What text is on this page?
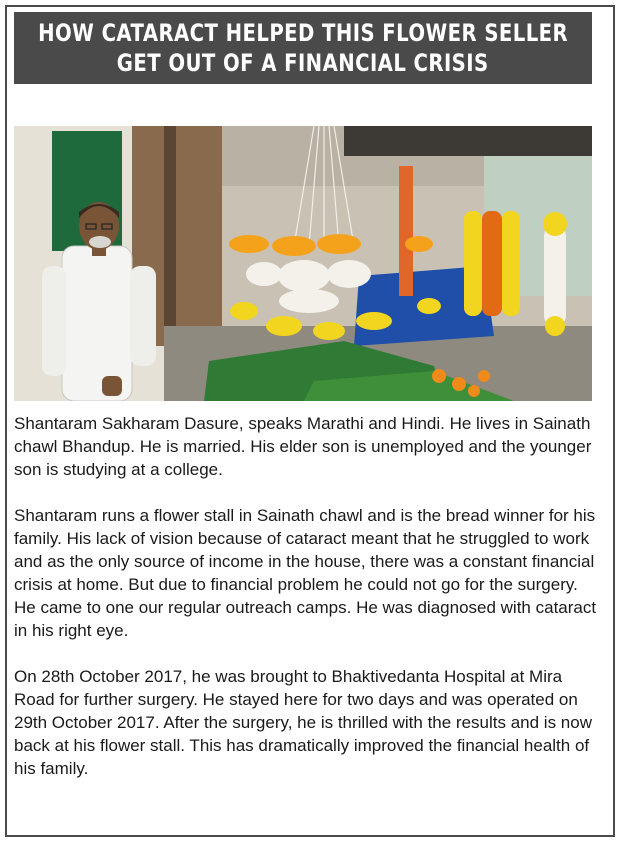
HOW CATARACT HELPED THIS FLOWER SELLER
GET OUT OF A FINANCIAL CRISIS

Shantaram Sakharam Dasure, speaks Marathi and Hindi. He lives in Sainath chawl Bhandup. He is married. His elder son is unemployed and the younger son is studying at a college.

Shantaram runs a flower stall in Sainath chawl and is the bread winner for his family. His lack of vision because of cataract meant that he struggled to work and as the only source of income in the house, there was a constant financial crisis at home. But due to financial problem he could not go for the surgery. He came to one our regular outreach camps. He was diagnosed with cataract in his right eye.

On 28th October 2017, he was brought to Bhaktivedanta Hospital at Mira Road for further surgery. He stayed here for two days and was operated on 29th October 2017. After the surgery, he is thrilled with the results and is now back at his flower stall. This has dramatically improved the financial health of his family.
